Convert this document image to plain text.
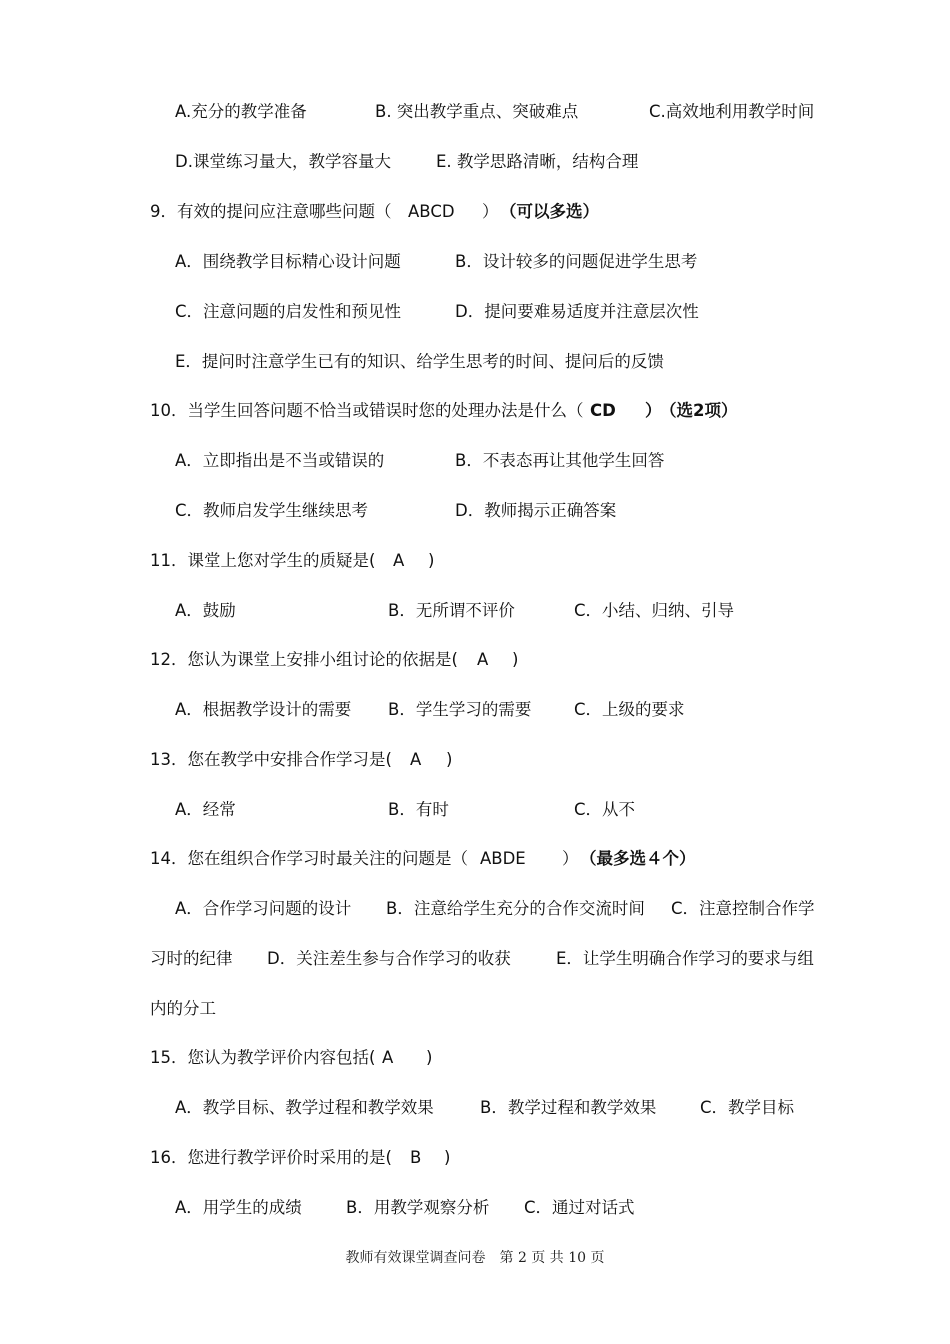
A.充分的教学准备	B. 突出教学重点、突破难点	C.高效地利用教学时间
D.课堂练习量大，教学容量大	E. 教学思路清晰，结构合理
9．有效的提问应注意哪些问题（ ABCD ） （可以多选）
A．围绕教学目标精心设计问题	B．设计较多的问题促进学生思考
C．注意问题的启发性和预见性	D．提问要难易适度并注意层次性
E．提问时注意学生已有的知识、给学生思考的时间、提问后的反馈
10．当学生回答问题不恰当或错误时您的处理办法是什么（ CD ）
（选2项）
A．立即指出是不当或错误的	B．不表态再让其他学生回答
C．教师启发学生继续思考	D．教师揭示正确答案
11．课堂上您对学生的质疑是( A )
A．鼓励	B．无所谓不评价	C．小结、归纳、引导
12．您认为课堂上安排小组讨论的依据是( A )
A．根据教学设计的需要 B．学生学习的需要	C．上级的要求
13．您在教学中安排合作学习是( A )
A．经常	B．有时	C．从不
14．您在组织合作学习时最关注的问题是（ ABDE ） （最多选４个）
A．合作学习问题的设计 B．注意给学生充分的合作交流时间 C．注意控制合作学
习时的纪律 D．关注差生参与合作学习的收获	E．让学生明确合作学习的要求与组
内的分工
15．您认为教学评价内容包括( A )
A．教学目标、教学过程和教学效果	B．教学过程和教学效果	C．教学目标
16．您进行教学评价时采用的是( B )
A．用学生的成绩	B．用教学观察分析 C．通过对话式
教师有效课堂调查问卷　第 2 页 共 10 页
